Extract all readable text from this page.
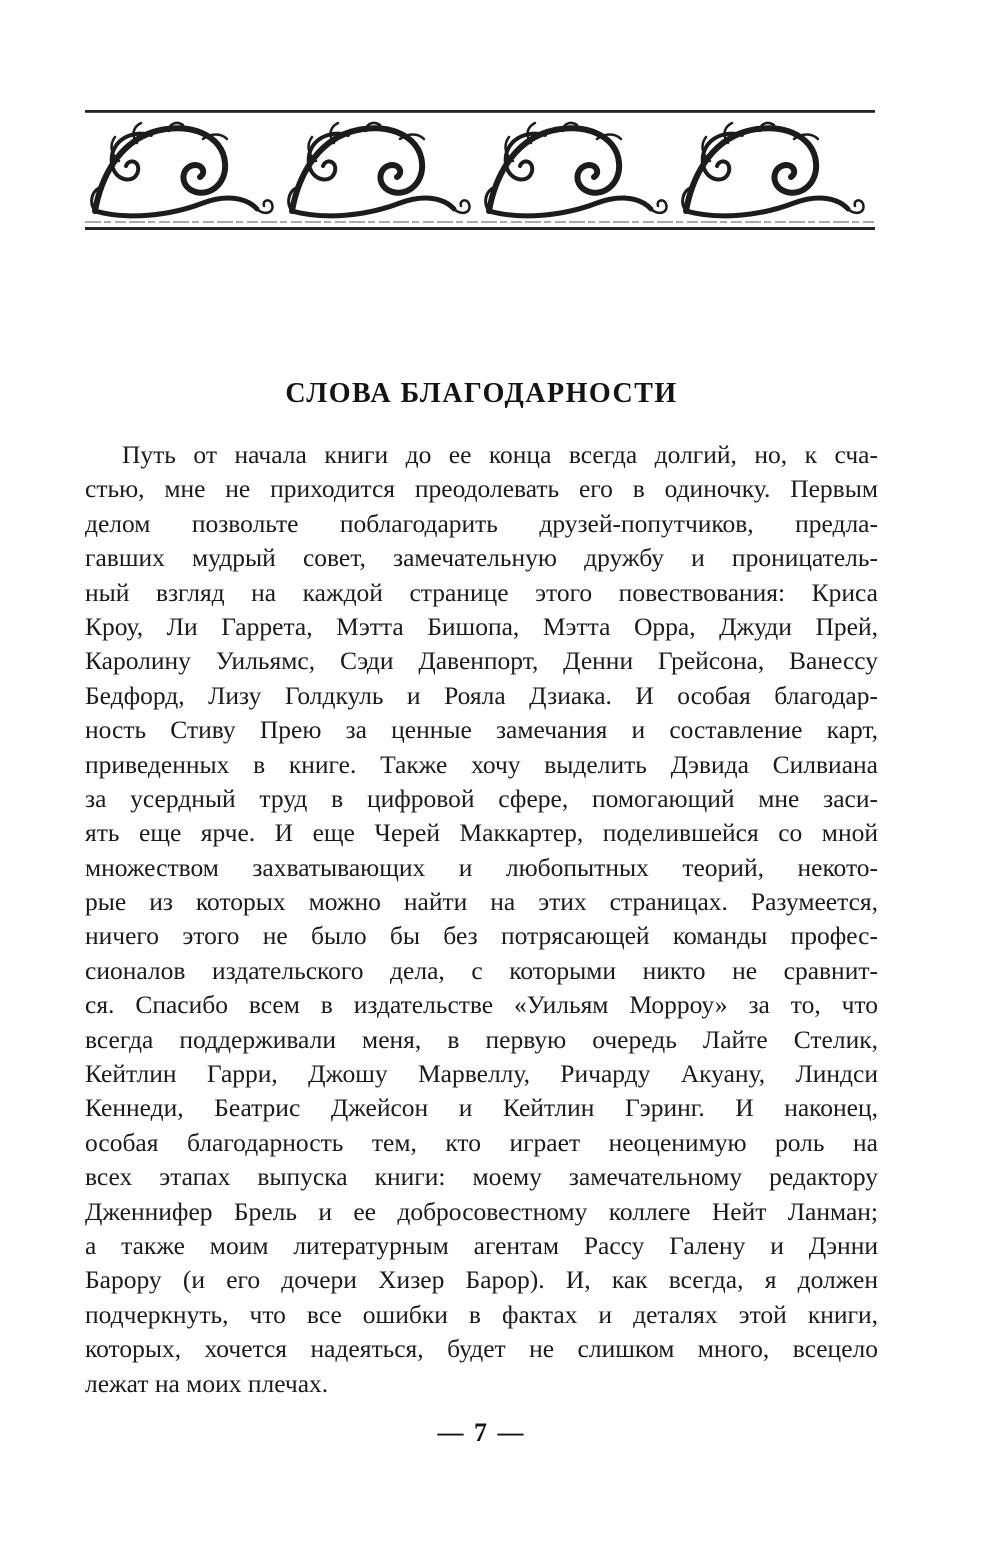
СЛОВА БЛАГОДАРНОСТИ
Путь от начала книги до ее конца всегда долгий, но, к сча-
стью, мне не приходится преодолевать его в одиночку. Первым
делом позвольте поблагодарить друзей-попутчиков, предла-
гавших мудрый совет, замечательную дружбу и проницатель-
ный взгляд на каждой странице этого повествования: Криса
Кроу, Ли Гаррета, Мэтта Бишопа, Мэтта Орра, Джуди Прей,
Каролину Уильямс, Сэди Давенпорт, Денни Грейсона, Ванессу
Бедфорд, Лизу Голдкуль и Рояла Дзиака. И особая благодар-
ность Стиву Прею за ценные замечания и составление карт,
приведенных в книге. Также хочу выделить Дэвида Силвиана
за усердный труд в цифровой сфере, помогающий мне заси-
ять еще ярче. И еще Черей Маккартер, поделившейся со мной
множеством захватывающих и любопытных теорий, некото-
рые из которых можно найти на этих страницах. Разумеется,
ничего этого не было бы без потрясающей команды профес-
сионалов издательского дела, с которыми никто не сравнит-
ся. Спасибо всем в издательстве «Уильям Морроу» за то, что
всегда поддерживали меня, в первую очередь Лайте Стелик,
Кейтлин Гарри, Джошу Марвеллу, Ричарду Акуану, Линдси
Кеннеди, Беатрис Джейсон и Кейтлин Гэринг. И наконец,
особая благодарность тем, кто играет неоценимую роль на
всех этапах выпуска книги: моему замечательному редактору
Дженнифер Брель и ее добросовестному коллеге Нейт Ланман;
а также моим литературным агентам Рассу Галену и Дэнни
Барору (и его дочери Хизер Барор). И, как всегда, я должен
подчеркнуть, что все ошибки в фактах и деталях этой книги,
которых, хочется надеяться, будет не слишком много, всецело
лежат на моих плечах.
— 7 —
